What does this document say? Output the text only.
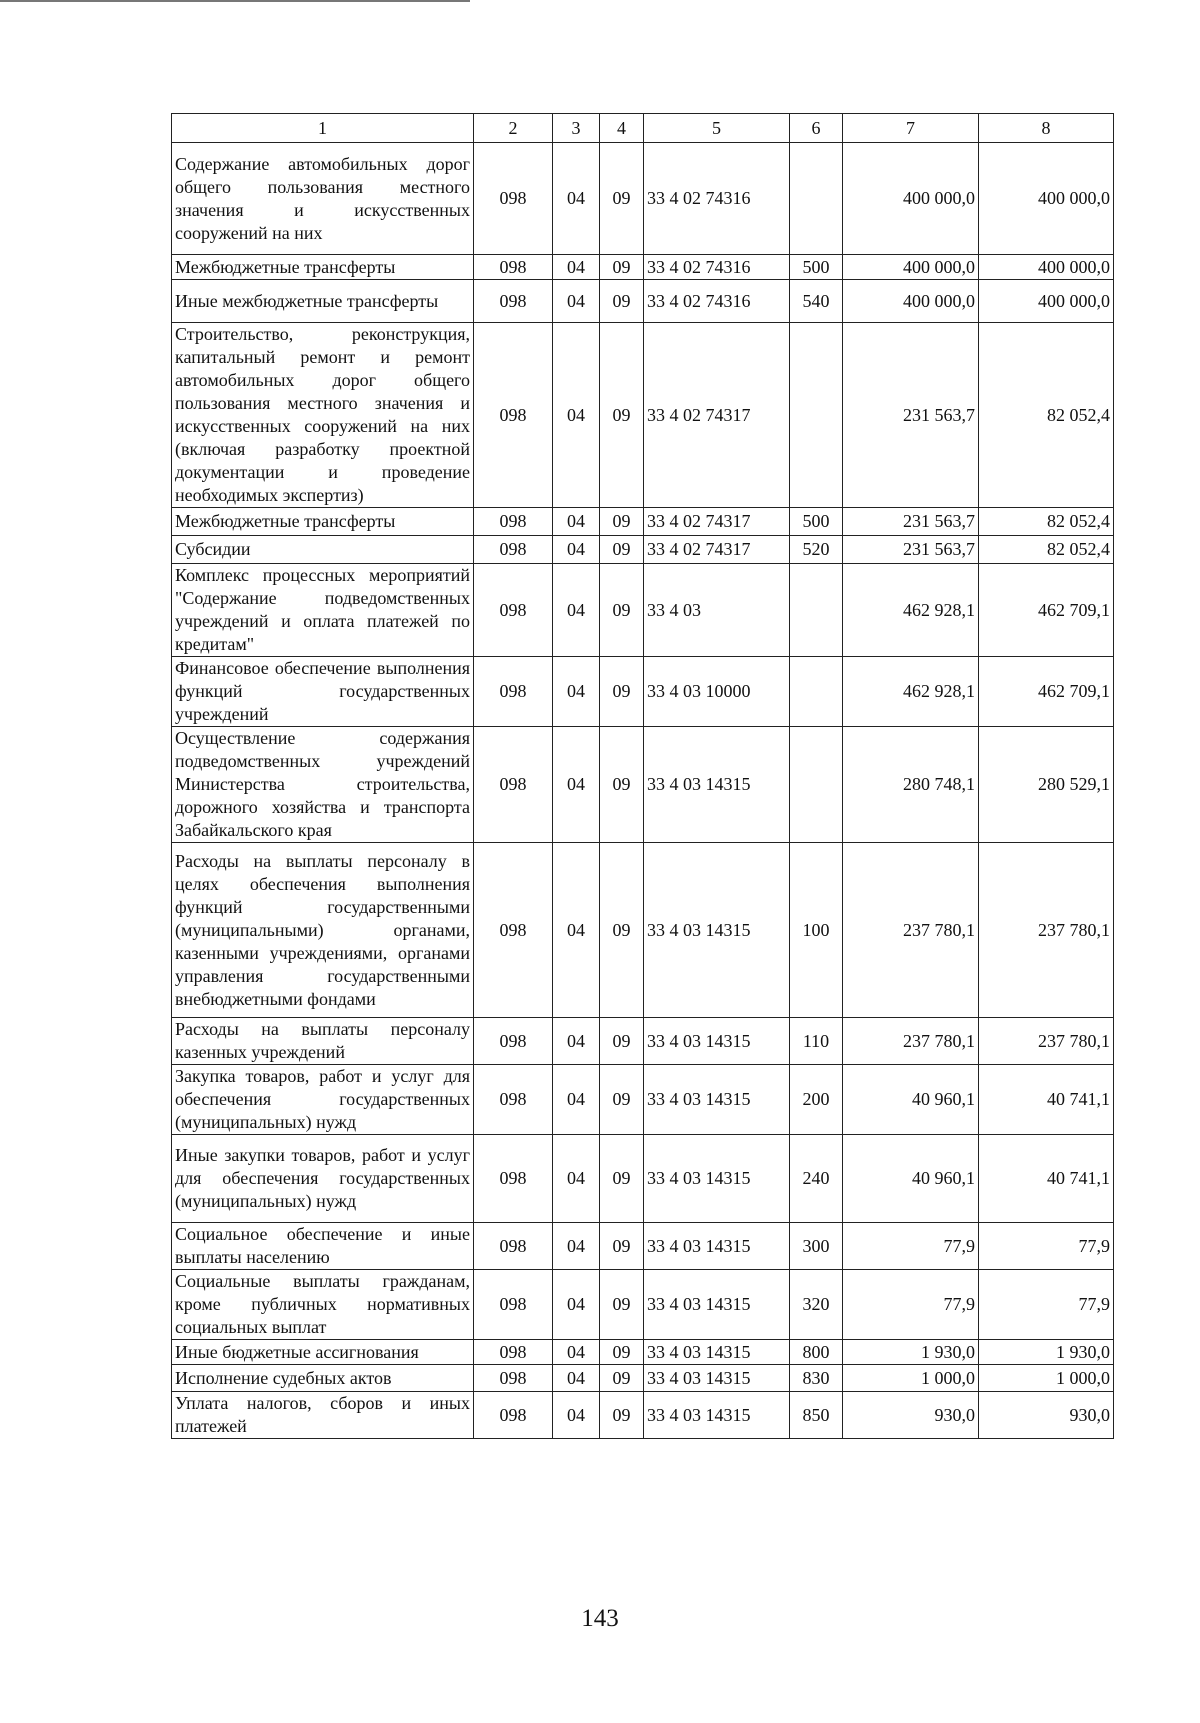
1	2	3	4	5	6	7	8
Содержание автомобильных дорог общего пользования местного значения и искусственных сооружений на них	098	04	09	33 4 02 74316		400 000,0	400 000,0
Межбюджетные трансферты	098	04	09	33 4 02 74316	500	400 000,0	400 000,0
Иные межбюджетные трансферты	098	04	09	33 4 02 74316	540	400 000,0	400 000,0
Строительство, реконструкция, капитальный ремонт и ремонт автомобильных дорог общего пользования местного значения и искусственных сооружений на них (включая разработку проектной документации и проведение необходимых экспертиз)	098	04	09	33 4 02 74317		231 563,7	82 052,4
Межбюджетные трансферты	098	04	09	33 4 02 74317	500	231 563,7	82 052,4
Субсидии	098	04	09	33 4 02 74317	520	231 563,7	82 052,4
Комплекс процессных мероприятий "Содержание подведомственных учреждений и оплата платежей по кредитам"	098	04	09	33 4 03		462 928,1	462 709,1
Финансовое обеспечение выполнения функций государственных учреждений	098	04	09	33 4 03 10000		462 928,1	462 709,1
Осуществление содержания подведомственных учреждений Министерства строительства, дорожного хозяйства и транспорта Забайкальского края	098	04	09	33 4 03 14315		280 748,1	280 529,1
Расходы на выплаты персоналу в целях обеспечения выполнения функций государственными (муниципальными) органами, казенными учреждениями, органами управления государственными внебюджетными фондами	098	04	09	33 4 03 14315	100	237 780,1	237 780,1
Расходы на выплаты персоналу казенных учреждений	098	04	09	33 4 03 14315	110	237 780,1	237 780,1
Закупка товаров, работ и услуг для обеспечения государственных (муниципальных) нужд	098	04	09	33 4 03 14315	200	40 960,1	40 741,1
Иные закупки товаров, работ и услуг для обеспечения государственных (муниципальных) нужд	098	04	09	33 4 03 14315	240	40 960,1	40 741,1
Социальное обеспечение и иные выплаты населению	098	04	09	33 4 03 14315	300	77,9	77,9
Социальные выплаты гражданам, кроме публичных нормативных социальных выплат	098	04	09	33 4 03 14315	320	77,9	77,9
Иные бюджетные ассигнования	098	04	09	33 4 03 14315	800	1 930,0	1 930,0
Исполнение судебных актов	098	04	09	33 4 03 14315	830	1 000,0	1 000,0
Уплата налогов, сборов и иных платежей	098	04	09	33 4 03 14315	850	930,0	930,0
143
